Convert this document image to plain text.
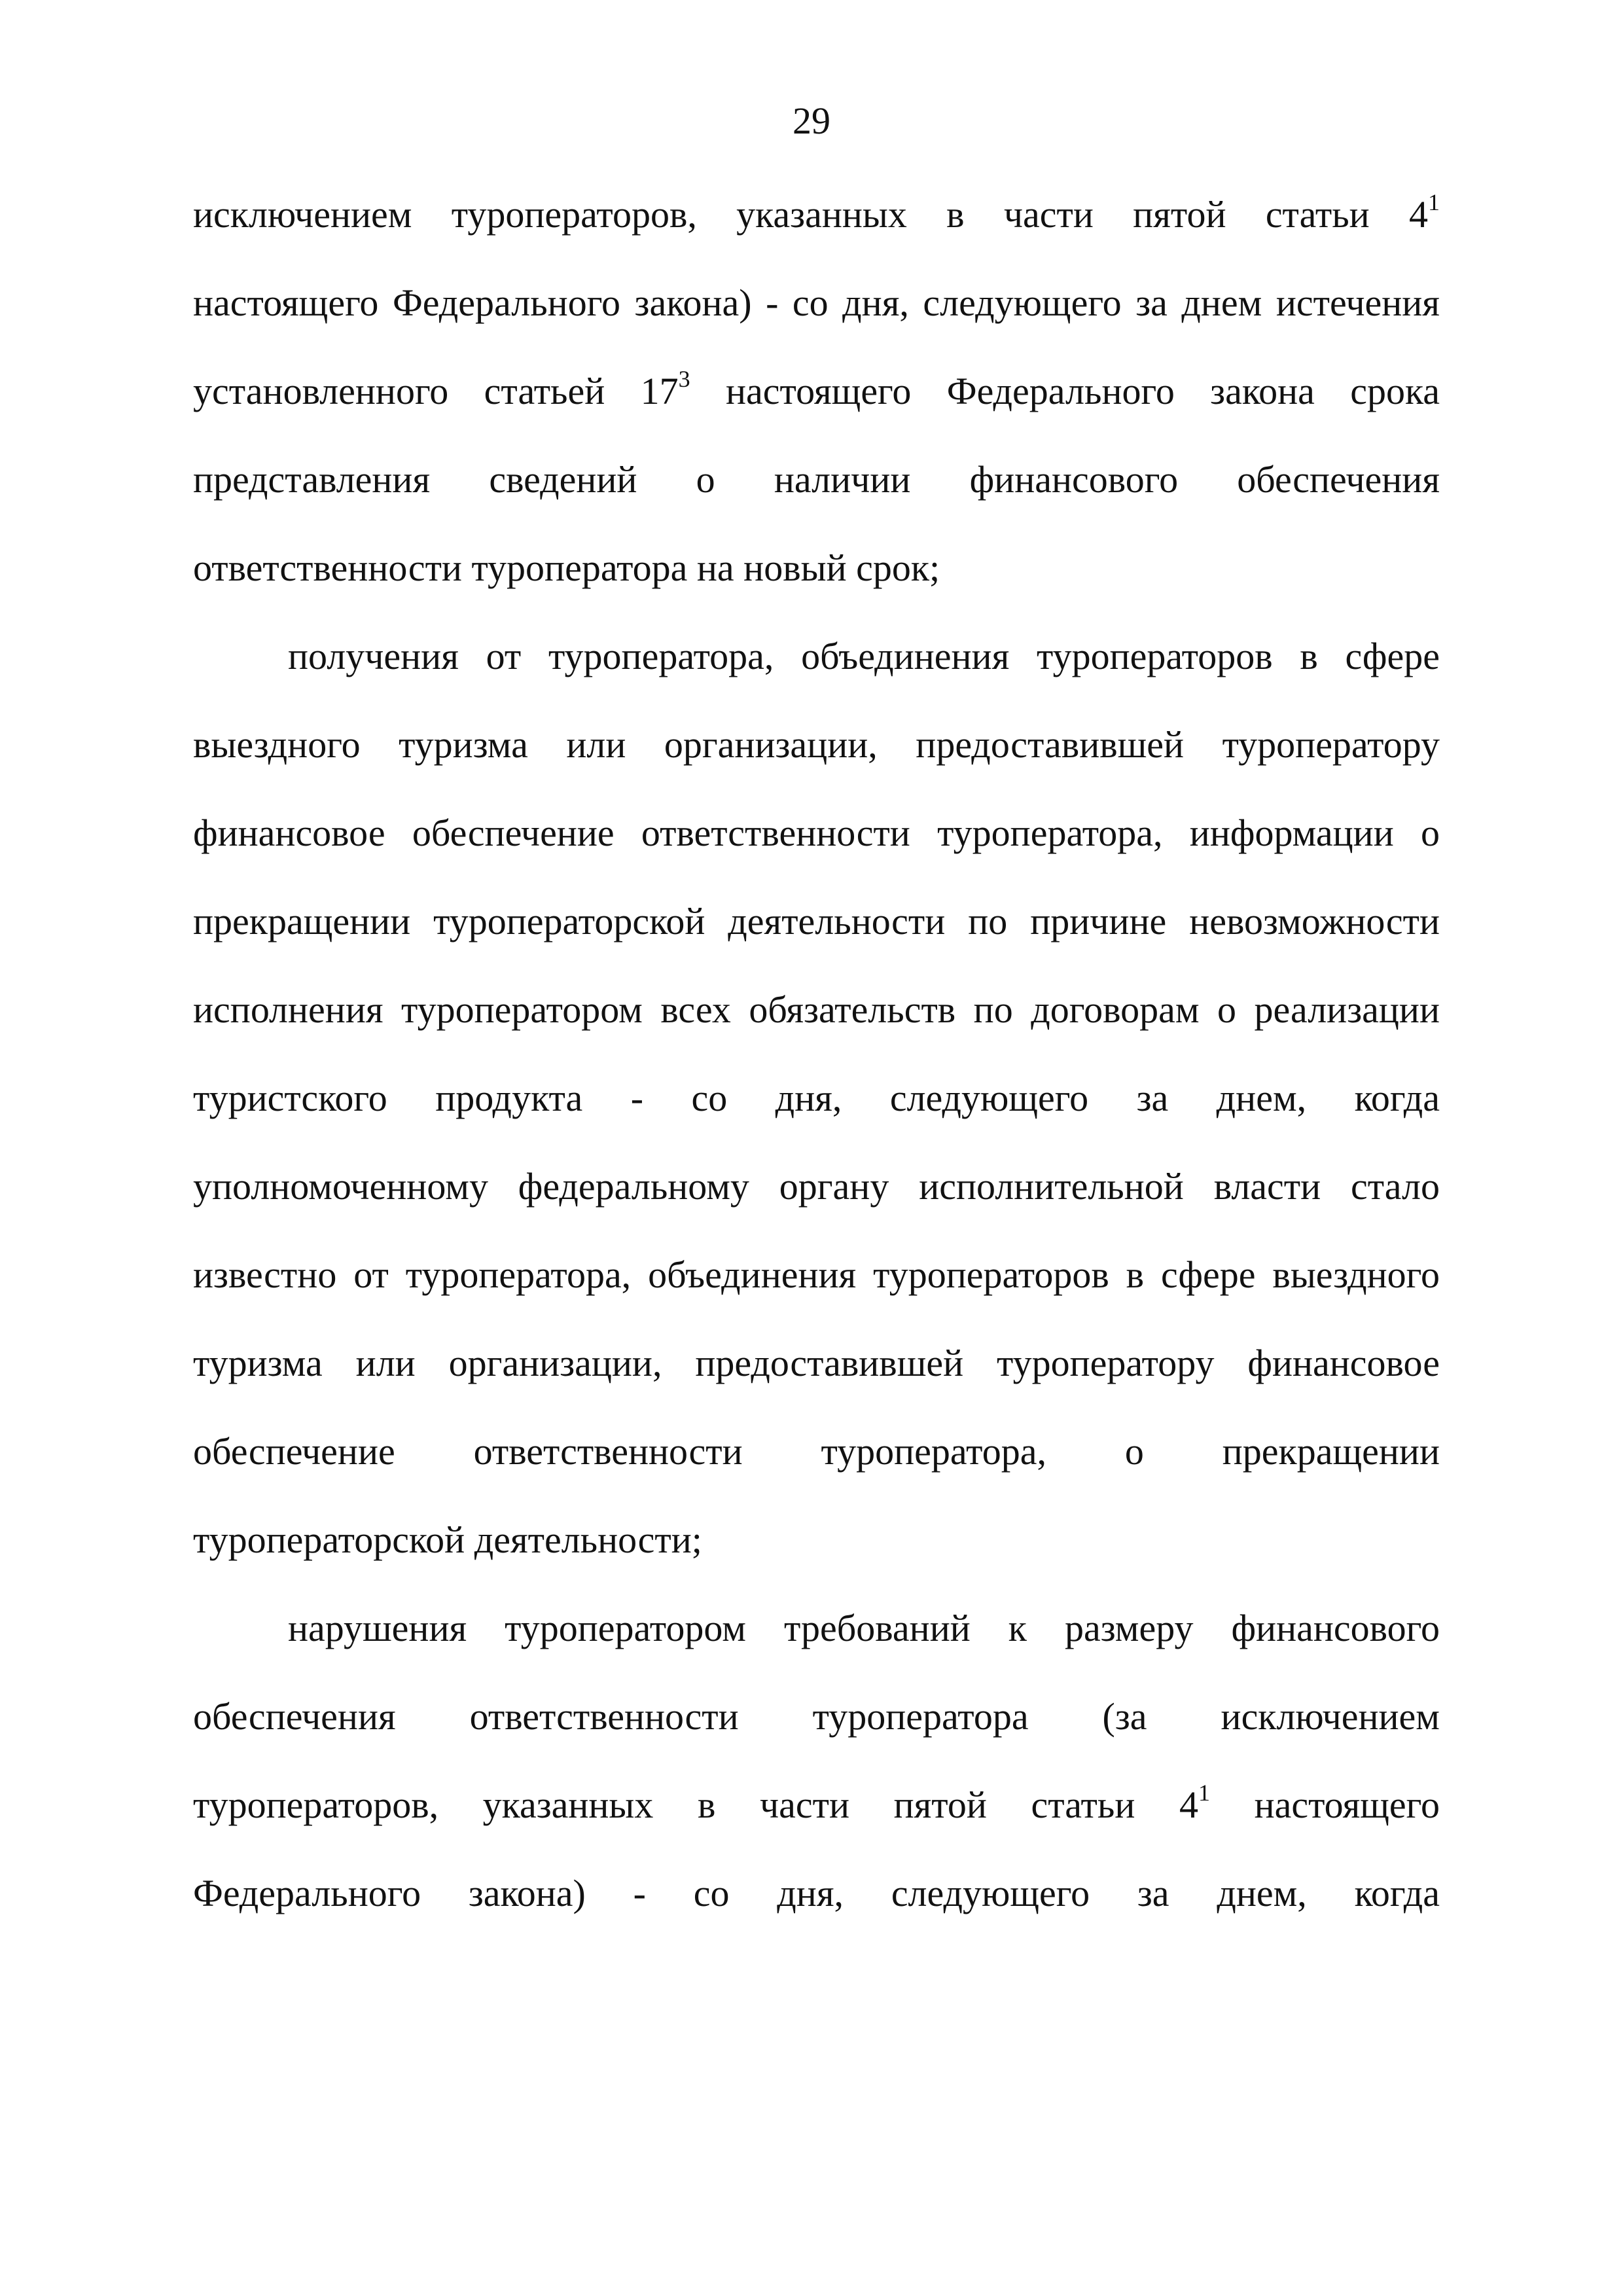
29
исключением туроператоров, указанных в части пятой статьи $4^1$
настоящего Федерального закона) - со дня, следующего за днем истечения
установленного статьей $17^3$ настоящего Федерального закона срока
представления сведений о наличии финансового обеспечения
ответственности туроператора на новый срок;
получения от туроператора, объединения туроператоров в сфере
выездного туризма или организации, предоставившей туроператору
финансовое обеспечение ответственности туроператора, информации о
прекращении туроператорской деятельности по причине невозможности
исполнения туроператором всех обязательств по договорам о реализации
туристского продукта - со дня, следующего за днем, когда
уполномоченному федеральному органу исполнительной власти стало
известно от туроператора, объединения туроператоров в сфере выездного
туризма или организации, предоставившей туроператору финансовое
обеспечение ответственности туроператора, о прекращении
туроператорской деятельности;
нарушения туроператором требований к размеру финансового
обеспечения ответственности туроператора (за исключением
туроператоров, указанных в части пятой статьи $4^1$ настоящего
Федерального закона) - со дня, следующего за днем, когда
